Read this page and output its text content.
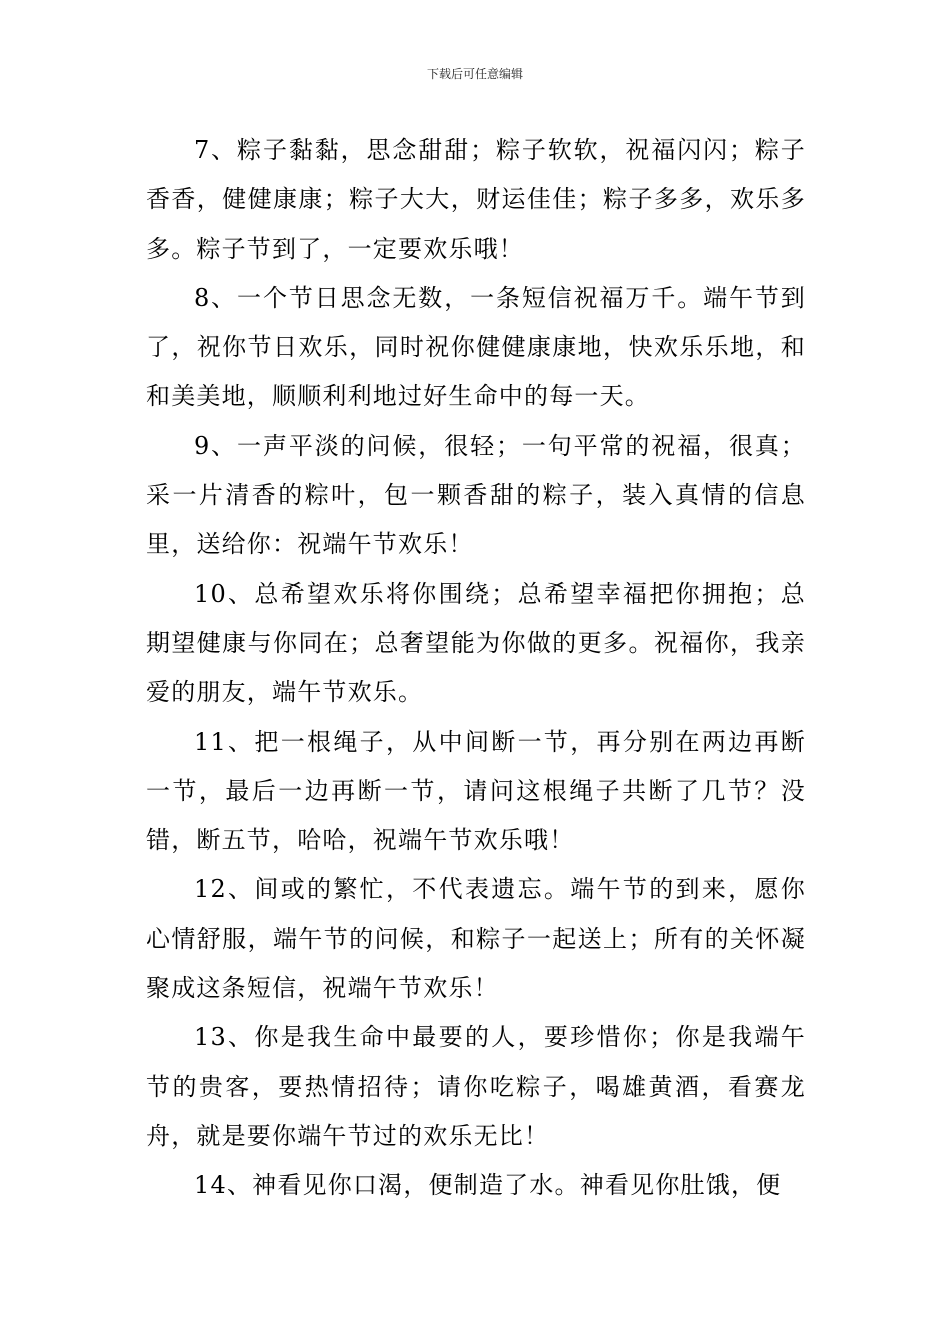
下载后可任意编辑

7、粽子黏黏，思念甜甜；粽子软软，祝福闪闪；粽子香香，健健康康；粽子大大，财运佳佳；粽子多多，欢乐多多。粽子节到了，一定要欢乐哦！

8、一个节日思念无数，一条短信祝福万千。端午节到了，祝你节日欢乐，同时祝你健健康康地，快欢乐乐地，和和美美地，顺顺利利地过好生命中的每一天。

9、一声平淡的问候，很轻；一句平常的祝福，很真；采一片清香的粽叶，包一颗香甜的粽子，装入真情的信息里，送给你：祝端午节欢乐！

10、总希望欢乐将你围绕；总希望幸福把你拥抱；总期望健康与你同在；总奢望能为你做的更多。祝福你，我亲爱的朋友，端午节欢乐。

11、把一根绳子，从中间断一节，再分别在两边再断一节，最后一边再断一节，请问这根绳子共断了几节？没错，断五节，哈哈，祝端午节欢乐哦！

12、间或的繁忙，不代表遗忘。端午节的到来，愿你心情舒服，端午节的问候，和粽子一起送上；所有的关怀凝聚成这条短信，祝端午节欢乐！

13、你是我生命中最要的人，要珍惜你；你是我端午节的贵客，要热情招待；请你吃粽子，喝雄黄酒，看赛龙舟，就是要你端午节过的欢乐无比！

14、神看见你口渴，便制造了水。神看见你肚饿，便
